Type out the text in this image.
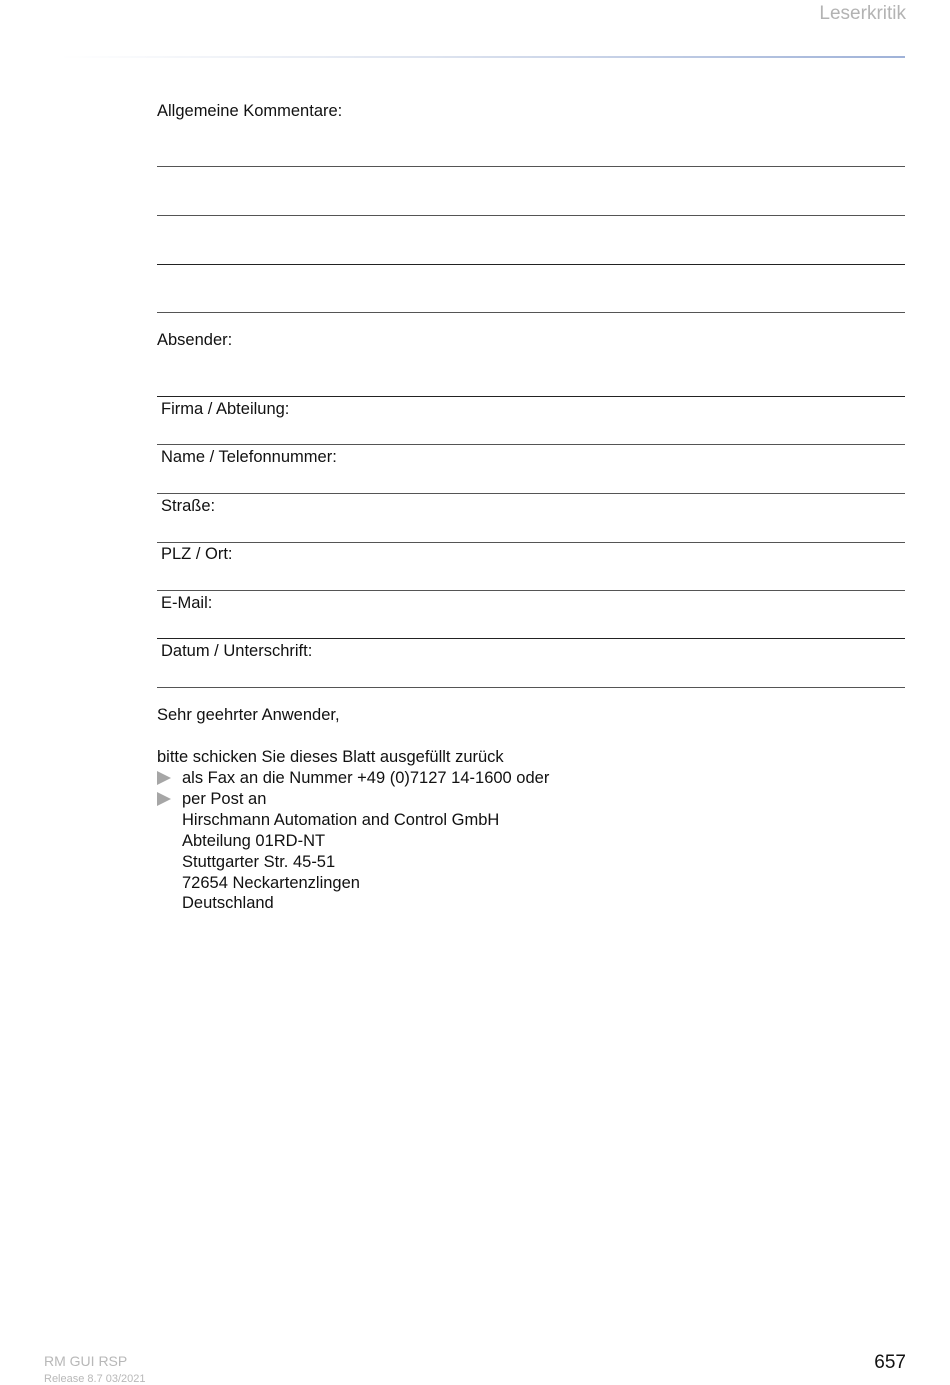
Leserkritik
Allgemeine Kommentare:
Absender:
Firma / Abteilung:
Name / Telefonnummer:
Straße:
PLZ / Ort:
E-Mail:
Datum / Unterschrift:
Sehr geehrter Anwender,
bitte schicken Sie dieses Blatt ausgefüllt zurück
als Fax an die Nummer +49 (0)7127 14-1600 oder
per Post an
Hirschmann Automation and Control GmbH
Abteilung 01RD-NT
Stuttgarter Str. 45-51
72654 Neckartenzlingen
Deutschland
RM GUI RSP
Release 8.7 03/2021
657
